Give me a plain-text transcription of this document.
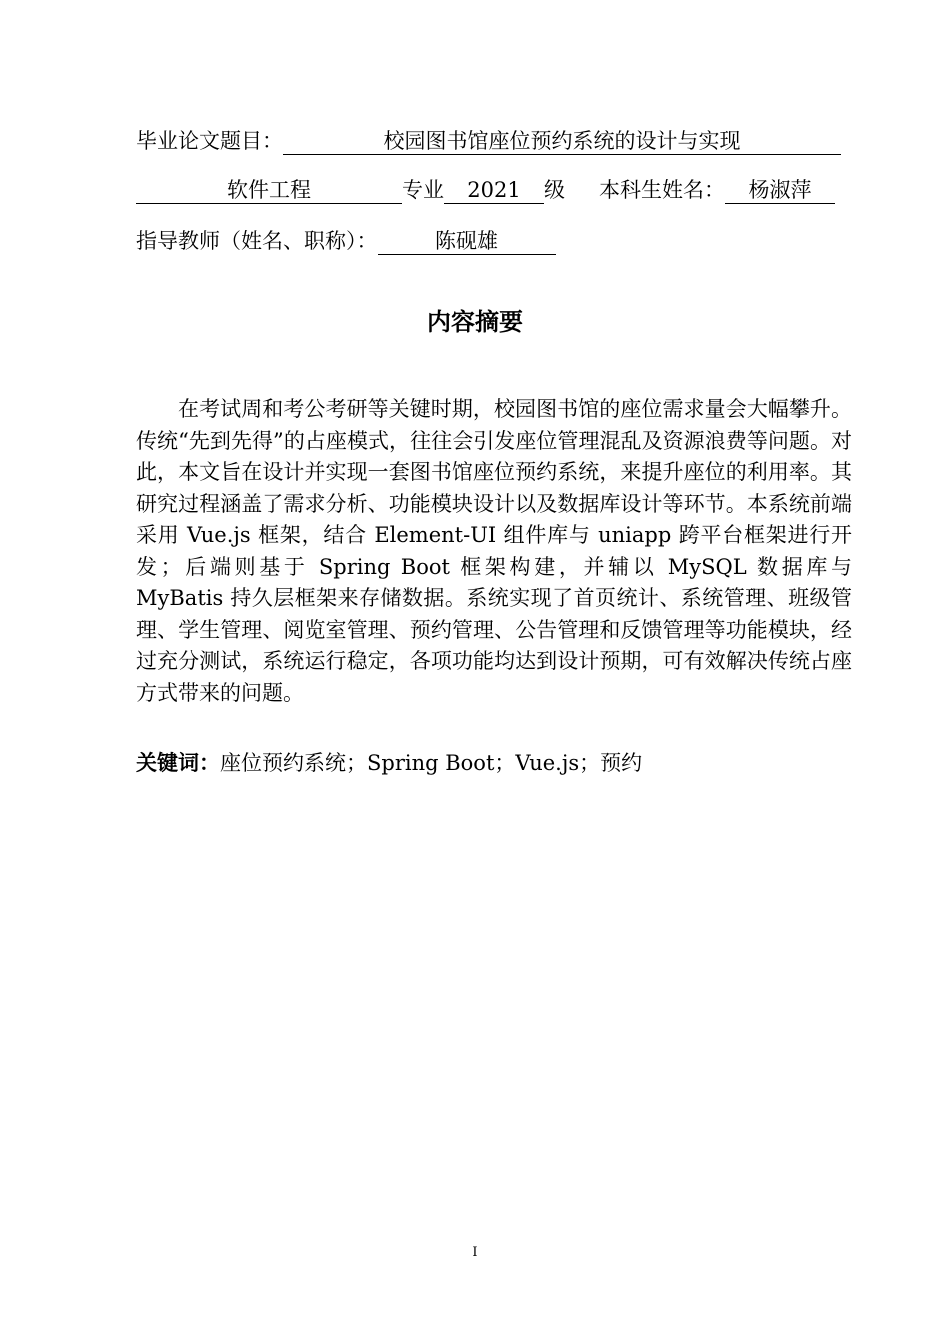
毕业论文题目：	校园图书馆座位预约系统的设计与实现
软件工程	专业 2021 级 本科生姓名： 杨淑萍
指导教师（姓名、职称）：	陈砚雄
内容摘要

在考试周和考公考研等关键时期，校园图书馆的座位需求量会大幅攀升。传统“先到先得”的占座模式，往往会引发座位管理混乱及资源浪费等问题。对此，本文旨在设计并实现一套图书馆座位预约系统，来提升座位的利用率。其研究过程涵盖了需求分析、功能模块设计以及数据库设计等环节。本系统前端采用 Vue.js 框架，结合 Element-UI 组件库与 uniapp 跨平台框架进行开发；后端则基于 Spring Boot 框架构建，并辅以 MySQL 数据库与 MyBatis 持久层框架来存储数据。系统实现了首页统计、系统管理、班级管理、学生管理、阅览室管理、预约管理、公告管理和反馈管理等功能模块，经过充分测试，系统运行稳定，各项功能均达到设计预期，可有效解决传统占座方式带来的问题。

关键词：座位预约系统；Spring Boot；Vue.js；预约
I
